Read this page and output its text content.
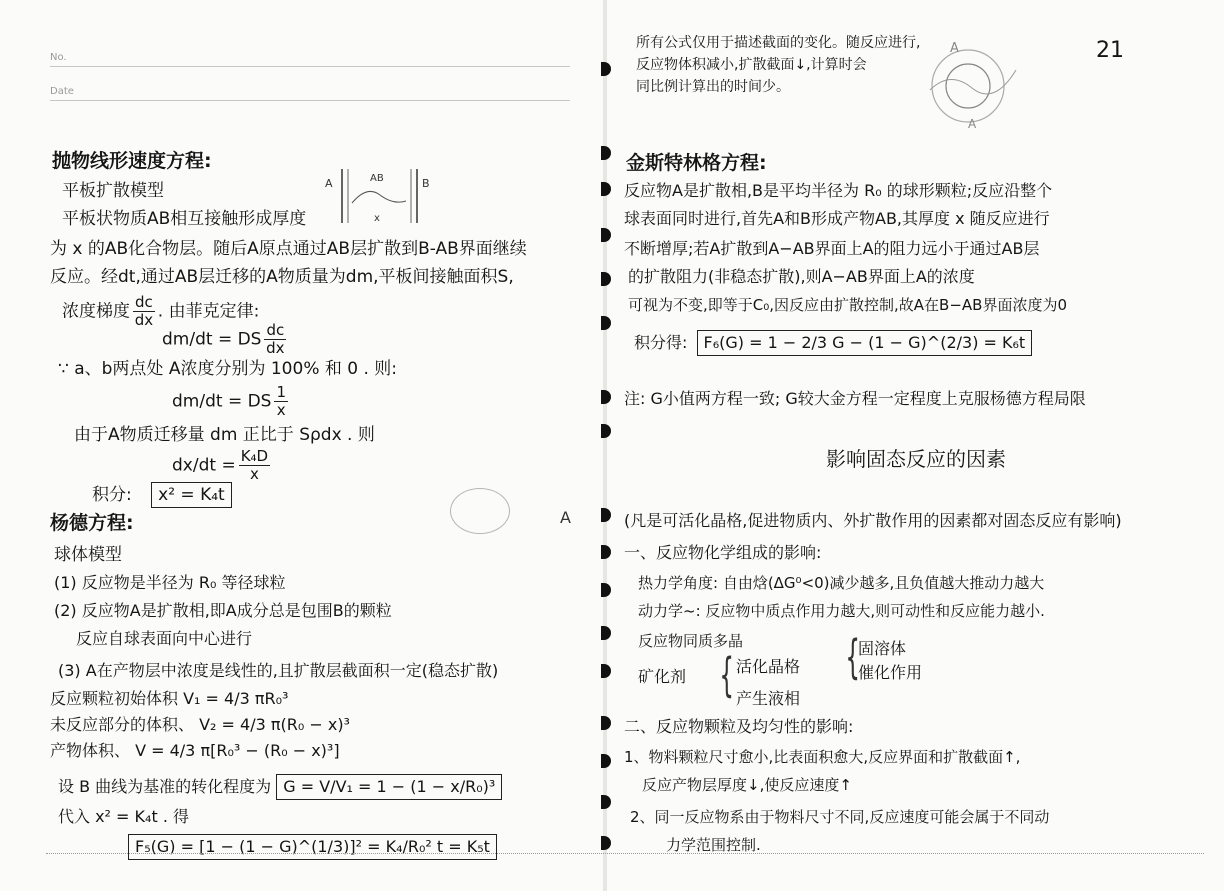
No.
Date
抛物线形速度方程:
A	B
AB
x
平板扩散模型
平板状物质AB相互接触形成厚度
为 x 的AB化合物层。随后A原点通过AB层扩散到B-AB界面继续
反应。经dt,通过AB层迁移的A物质量为dm,平板间接触面积S,
浓度梯度 $\frac{dc}{dx}$ . 由菲克定律:
dm/dt = DS $\frac{dc}{dx}$
∵ a、b两点处 A浓度分别为 100% 和 0 . 则:
dm/dt = DS $\frac{1}{x}$
由于A物质迁移量 dm 正比于 Sρdx . 则
$dx/dt = \frac{\text{K₄D}}{x}$
积分: x² = K₄t
A
杨德方程:
球体模型
(1) 反应物是半径为 R₀ 等径球粒
(2) 反应物A是扩散相,即A成分总是包围B的颗粒
反应自球表面向中心进行
(3) A在产物层中浓度是线性的,且扩散层截面积一定(稳态扩散)
反应颗粒初始体积 V₁ = 4/3 πR₀³
未反应部分的体积、 V₂ = 4/3 π(R₀ − x)³
产物体积、 V = 4/3 π[R₀³ − (R₀ − x)³]
设 B 曲线为基准的转化程度为 G = V/V₁ = 1 − (1 − x/R₀)³
代入 x² = K₄t . 得
F₅(G) = [1 − (1 − G)^(1/3)]² = K₄/R₀² t = K₅t
所有公式仅用于描述截面的变化。随反应进行,
反应物体积减小,扩散截面↓,计算时会
同比例计算出的时间少。
A
A
21
金斯特林格方程:
反应物A是扩散相,B是平均半径为 R₀ 的球形颗粒;反应沿整个
球表面同时进行,首先A和B形成产物AB,其厚度 x 随反应进行
不断增厚;若A扩散到A−AB界面上A的阻力远小于通过AB层
的扩散阻力(非稳态扩散),则A−AB界面上A的浓度
可视为不变,即等于C₀,因反应由扩散控制,故A在B−AB界面浓度为0
积分得: F₆(G) = 1 − 2/3 G − (1 − G)^(2/3) = K₆t
注: G小值两方程一致; G较大金方程一定程度上克服杨德方程局限
影响固态反应的因素
(凡是可活化晶格,促进物质内、外扩散作用的因素都对固态反应有影响)
一、反应物化学组成的影响:
热力学角度: 自由焓(ΔG⁰<0)减少越多,且负值越大推动力越大
动力学~: 反应物中质点作用力越大,则可动性和反应能力越小.
反应物同质多晶
矿化剂 { 活化晶格
产生液相
{
固溶体
催化作用
二、反应物颗粒及均匀性的影响:
1、物料颗粒尺寸愈小,比表面积愈大,反应界面和扩散截面↑,
反应产物层厚度↓,使反应速度↑
2、同一反应物系由于物料尺寸不同,反应速度可能会属于不同动
力学范围控制.
